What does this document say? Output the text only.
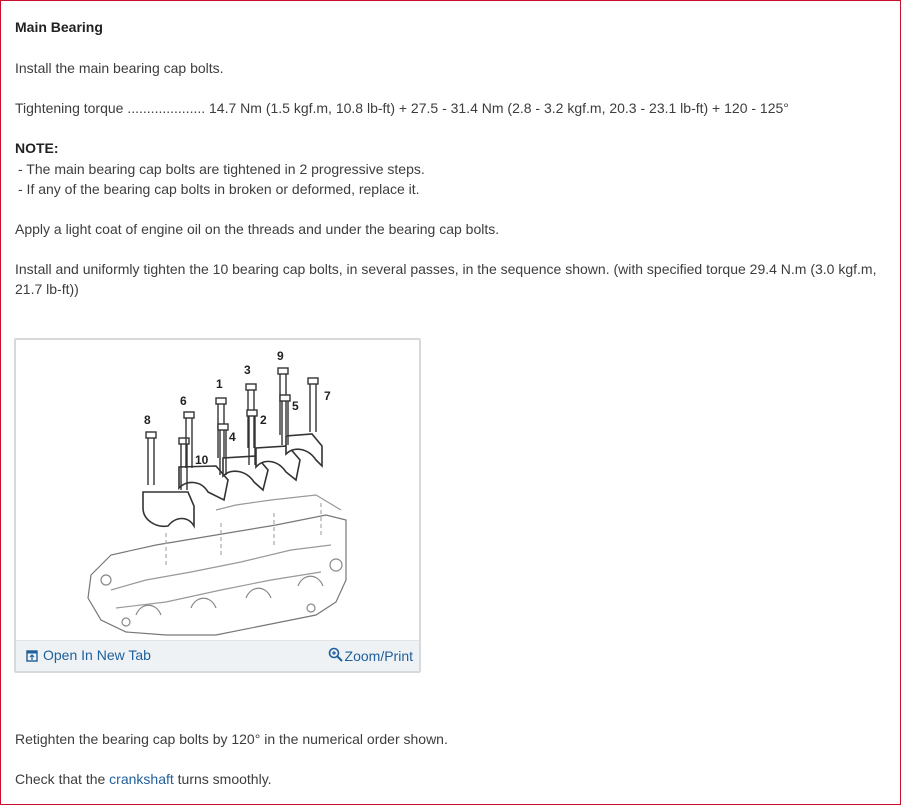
Main Bearing
Install the main bearing cap bolts.
Tightening torque .................... 14.7 Nm (1.5 kgf.m, 10.8 lb-ft) + 27.5 - 31.4 Nm (2.8 - 3.2 kgf.m, 20.3 - 23.1 lb-ft) + 120 - 125°
NOTE:
- The main bearing cap bolts are tightened in 2 progressive steps.
- If any of the bearing cap bolts in broken or deformed, replace it.
Apply a light coat of engine oil on the threads and under the bearing cap bolts.
Install and uniformly tighten the 10 bearing cap bolts, in several passes, in the sequence shown. (with specified torque 29.4 N.m (3.0 kgf.m,
21.7 lb-ft))
Retighten the bearing cap bolts by 120° in the numerical order shown.
Check that the crankshaft turns smoothly.
1
2
3
4
5
6	7
8
9
10
Open In New Tab	Zoom/Print
